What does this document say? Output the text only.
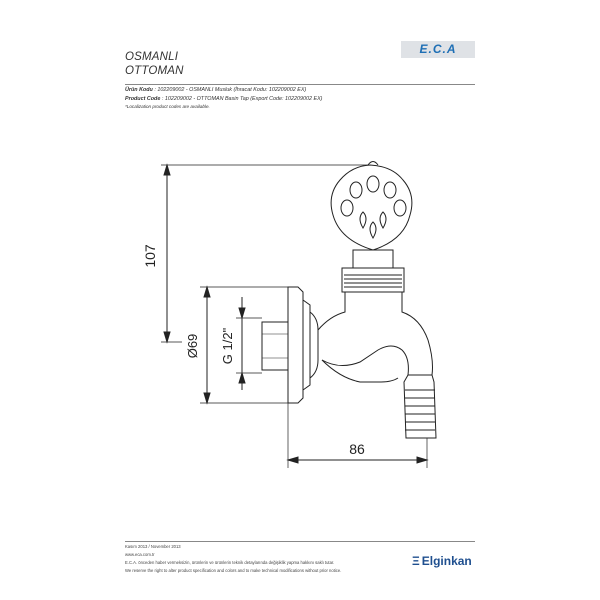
OSMANLI
OTTOMAN
E.C.A
Ürün Kodu : 102209002 - OSMANLI Musluk (İhracat Kodu: 102209002 EX)
Product Code : 102209002 - OTTOMAN Basin Tap (Export Code: 102209002 EX)
*Localization product codes are available.
107
Ø69 G 1/2"
86
Kasım 2013 / November 2013
www.eca.com.tr
E.C.A. önceden haber vermeksizin, ürünlerin ve ürünlerin teknik detaylarında değişiklik yapma hakkını saklı tutar.
We reserve the right to alter product specification and colors and to make technical modifications without prior notice.
Ξ Elginkan
